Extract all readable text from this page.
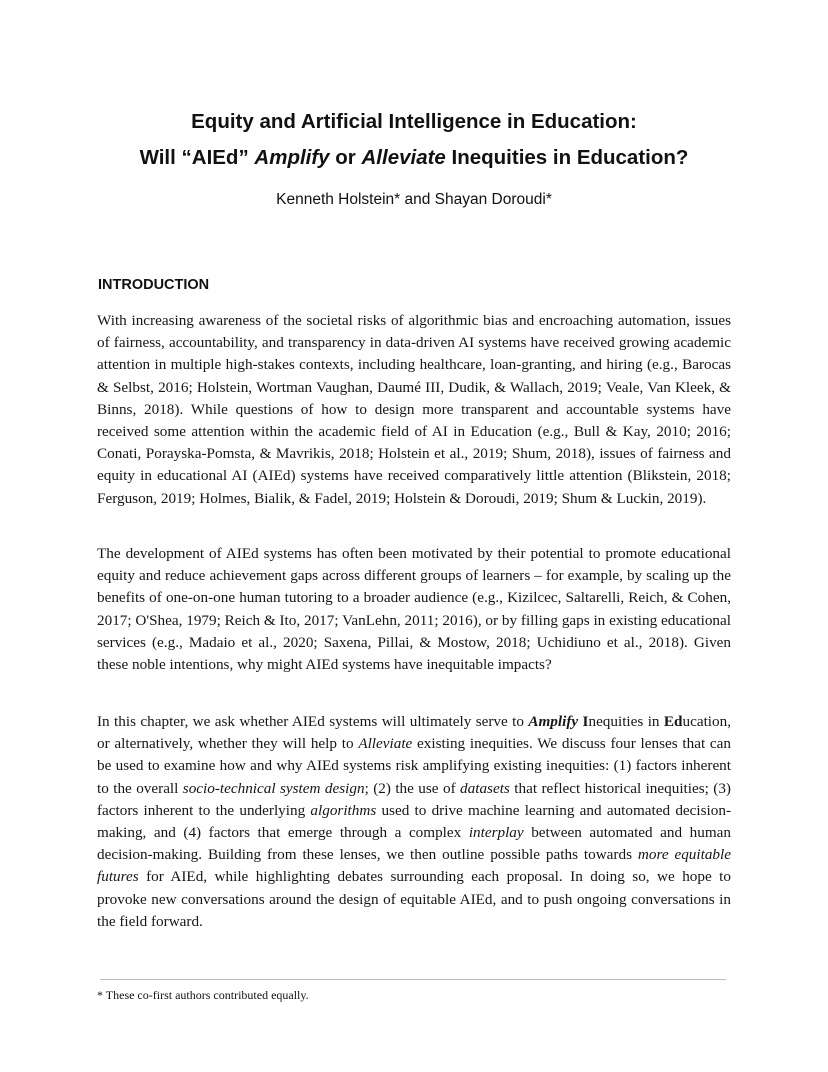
Equity and Artificial Intelligence in Education:
Will “AIEd” Amplify or Alleviate Inequities in Education?
Kenneth Holstein* and Shayan Doroudi*
INTRODUCTION

With increasing awareness of the societal risks of algorithmic bias and encroaching automation, issues of fairness, accountability, and transparency in data-driven AI systems have received growing academic attention in multiple high-stakes contexts, including healthcare, loan-granting, and hiring (e.g., Barocas & Selbst, 2016; Holstein, Wortman Vaughan, Daumé III, Dudik, & Wallach, 2019; Veale, Van Kleek, & Binns, 2018). While questions of how to design more transparent and accountable systems have received some attention within the academic field of AI in Education (e.g., Bull & Kay, 2010; 2016; Conati, Porayska-Pomsta, & Mavrikis, 2018; Holstein et al., 2019; Shum, 2018), issues of fairness and equity in educational AI (AIEd) systems have received comparatively little attention (Blikstein, 2018; Ferguson, 2019; Holmes, Bialik, & Fadel, 2019; Holstein & Doroudi, 2019; Shum & Luckin, 2019).

The development of AIEd systems has often been motivated by their potential to promote educational equity and reduce achievement gaps across different groups of learners – for example, by scaling up the benefits of one-on-one human tutoring to a broader audience (e.g., Kizilcec, Saltarelli, Reich, & Cohen, 2017; O'Shea, 1979; Reich & Ito, 2017; VanLehn, 2011; 2016), or by filling gaps in existing educational services (e.g., Madaio et al., 2020; Saxena, Pillai, & Mostow, 2018; Uchidiuno et al., 2018). Given these noble intentions, why might AIEd systems have inequitable impacts?

In this chapter, we ask whether AIEd systems will ultimately serve to Amplify Inequities in Education, or alternatively, whether they will help to Alleviate existing inequities. We discuss four lenses that can be used to examine how and why AIEd systems risk amplifying existing inequities: (1) factors inherent to the overall socio-technical system design; (2) the use of datasets that reflect historical inequities; (3) factors inherent to the underlying algorithms used to drive machine learning and automated decision-making, and (4) factors that emerge through a complex interplay between automated and human decision-making. Building from these lenses, we then outline possible paths towards more equitable futures for AIEd, while highlighting debates surrounding each proposal. In doing so, we hope to provoke new conversations around the design of equitable AIEd, and to push ongoing conversations in the field forward.

* These co-first authors contributed equally.
